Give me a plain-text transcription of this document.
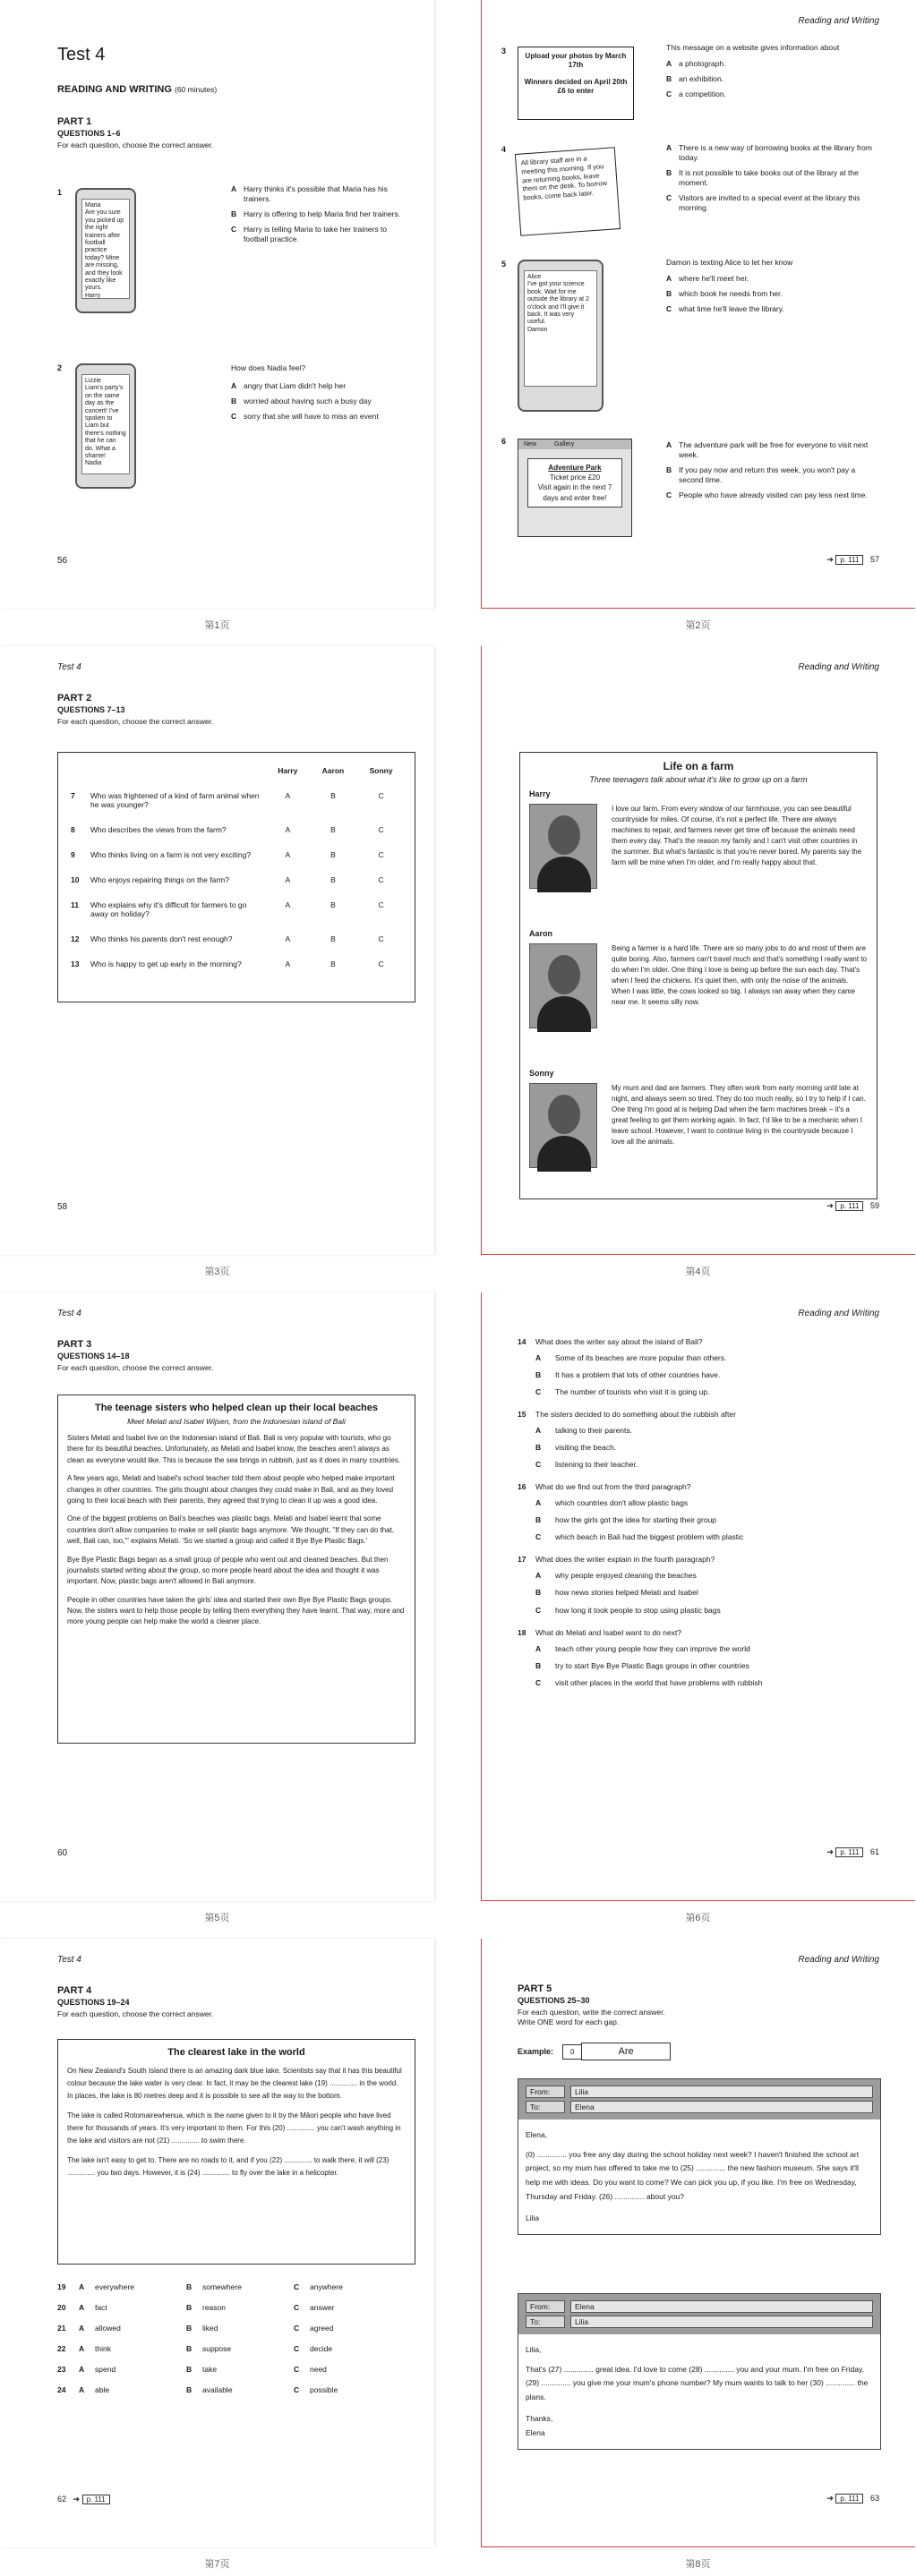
Test 4
READING AND WRITING (60 minutes)
PART 1
QUESTIONS 1–6
For each question, choose the correct answer.
1
Maria
Are you sure you picked up the right trainers after football practice today? Mine are missing, and they look exactly like yours.
Harry
A Harry thinks it's possible that Maria has his trainers.
B Harry is offering to help Maria find her trainers.
C Harry is telling Maria to take her trainers to football practice.
2
Lizzie
Liam's party's on the same day as the concert! I've spoken to Liam but there's nothing that he can do. What a shame!
Nadia
How does Nadia feel?
A angry that Liam didn't help her
B worried about having such a busy day
C sorry that she will have to miss an event
56
Reading and Writing
3
Upload your photos by March 17th
Winners decided on April 20th £6 to enter
This message on a website gives information about
A a photograph.
B an exhibition.
C a competition.
4
All library staff are in a meeting this morning. If you are returning books, leave them on the desk. To borrow books, come back later.
A There is a new way of borrowing books at the library from today.
B It is not possible to take books out of the library at the moment.
C Visitors are invited to a special event at the library this morning.
5
Alice
I've got your science book. Wait for me outside the library at 2 o'clock and I'll give it back. It was very useful.
Damon
Damon is texting Alice to let her know
A where he'll meet her.
B which book he needs from her.
C what time he'll leave the library.
6	New	Gallery
Adventure Park
Ticket price £20
Visit again in the next 7 days and enter free!
A The adventure park will be free for everyone to visit next week.
B If you pay now and return this week, you won't pay a second time.
C People who have already visited can pay less next time.
➔ p. 111 57
第1页	第2页
Test 4
PART 2
QUESTIONS 7–13
For each question, choose the correct answer.
		Harry	Aaron	Sonny
7	Who was frightened of a kind of farm animal when he was younger?	A	B	C
8	Who describes the views from the farm?	A	B	C
9	Who thinks living on a farm is not very exciting?	A	B	C
10	Who enjoys repairing things on the farm?	A	B	C
11	Who explains why it's difficult for farmers to go away on holiday?	A	B	C
12	Who thinks his parents don't rest enough?	A	B	C
13	Who is happy to get up early in the morning?	A	B	C
58
Reading and Writing
Life on a farm
Three teenagers talk about what it's like to grow up on a farm
Harry
I love our farm. From every window of our farmhouse, you can see beautiful countryside for miles. Of course, it's not a perfect life. There are always machines to repair, and farmers never get time off because the animals need them every day. That's the reason my family and I can't visit other countries in the summer. But what's fantastic is that you're never bored. My parents say the farm will be mine when I'm older, and I'm really happy about that.
Aaron
Being a farmer is a hard life. There are so many jobs to do and most of them are quite boring. Also, farmers can't travel much and that's something I really want to do when I'm older. One thing I love is being up before the sun each day. That's when I feed the chickens. It's quiet then, with only the noise of the animals. When I was little, the cows looked so big. I always ran away when they came near me. It seems silly now.
Sonny
My mum and dad are farmers. They often work from early morning until late at night, and always seem so tired. They do too much really, so I try to help if I can. One thing I'm good at is helping Dad when the farm machines break – it's a great feeling to get them working again. In fact, I'd like to be a mechanic when I leave school. However, I want to continue living in the countryside because I love all the animals.
➔ p. 111 59
第3页	第4页
Test 4
PART 3
QUESTIONS 14–18
For each question, choose the correct answer.
The teenage sisters who helped clean up their local beaches
Meet Melati and Isabel Wijsen, from the Indonesian island of Bali

Sisters Melati and Isabel live on the Indonesian island of Bali. Bali is very popular with tourists, who go there for its beautiful beaches. Unfortunately, as Melati and Isabel know, the beaches aren't always as clean as everyone would like. This is because the sea brings in rubbish, just as it does in many countries.

A few years ago, Melati and Isabel's school teacher told them about people who helped make important changes in other countries. The girls thought about changes they could make in Bali, and as they loved going to their local beach with their parents, they agreed that trying to clean it up was a good idea.

One of the biggest problems on Bali's beaches was plastic bags. Melati and Isabel learnt that some countries don't allow companies to make or sell plastic bags anymore. 'We thought, "If they can do that, well, Bali can, too,"' explains Melati. 'So we started a group and called it Bye Bye Plastic Bags.'

Bye Bye Plastic Bags began as a small group of people who went out and cleaned beaches. But then journalists started writing about the group, so more people heard about the idea and thought it was important. Now, plastic bags aren't allowed in Bali anymore.

People in other countries have taken the girls' idea and started their own Bye Bye Plastic Bags groups. Now, the sisters want to help those people by telling them everything they have learnt. That way, more and more young people can help make the world a cleaner place.

60
Reading and Writing
14	What does the writer say about the island of Bali?
A	Some of its beaches are more popular than others.
B	It has a problem that lots of other countries have.
C	The number of tourists who visit it is going up.
15	The sisters decided to do something about the rubbish after
A	talking to their parents.
B	visiting the beach.
C	listening to their teacher.
16	What do we find out from the third paragraph?
A	which countries don't allow plastic bags
B	how the girls got the idea for starting their group
C	which beach in Bali had the biggest problem with plastic
17	What does the writer explain in the fourth paragraph?
A	why people enjoyed cleaning the beaches
B	how news stories helped Melati and Isabel
C	how long it took people to stop using plastic bags
18	What do Melati and Isabel want to do next?
A	teach other young people how they can improve the world
B	try to start Bye Bye Plastic Bags groups in other countries
C	visit other places in the world that have problems with rubbish
➔ p. 111 61
第5页	第6页
Test 4
PART 4
QUESTIONS 19–24
For each question, choose the correct answer.
The clearest lake in the world

On New Zealand's South Island there is an amazing dark blue lake. Scientists say that it has this beautiful colour because the lake water is very clear. In fact, it may be the clearest lake (19) .............. in the world. In places, the lake is 80 metres deep and it is possible to see all the way to the bottom.

The lake is called Rotomairewhenua, which is the name given to it by the Māori people who have lived there for thousands of years. It's very important to them. For this (20) .............. you can't wash anything in the lake and visitors are not (21) .............. to swim there.

The lake isn't easy to get to. There are no roads to it, and if you (22) .............. to walk there, it will (23) .............. you two days. However, it is (24) .............. to fly over the lake in a helicopter.

19	A	everywhere	B	somewhere	C	anywhere
20	A	fact	B	reason	C	answer
21	A	allowed	B	liked	C	agreed
22	A	think	B	suppose	C	decide
23	A	spend	B	take	C	need
24	A	able	B	available	C	possible
62   ➔ p. 111
Reading and Writing
PART 5
QUESTIONS 25–30
For each question, write the correct answer.
Write ONE word for each gap.
Example:	0	Are
From:	Lilia
To:	Elena
Elena,
(0) .............. you free any day during the school holiday next week? I haven't finished the school art project, so my mum has offered to take me to (25) .............. the new fashion museum. She says it'll help me with ideas. Do you want to come? We can pick you up, if you like. I'm free on Wednesday, Thursday and Friday. (26) .............. about you?
Lilia
From:	Elena
To:	Lilia
Lilia,
That's (27) .............. great idea. I'd love to come (28) .............. you and your mum. I'm free on Friday. (29) .............. you give me your mum's phone number? My mum wants to talk to her (30) .............. the plans.
Thanks,
Elena
➔ p. 111 63
第7页	第8页
